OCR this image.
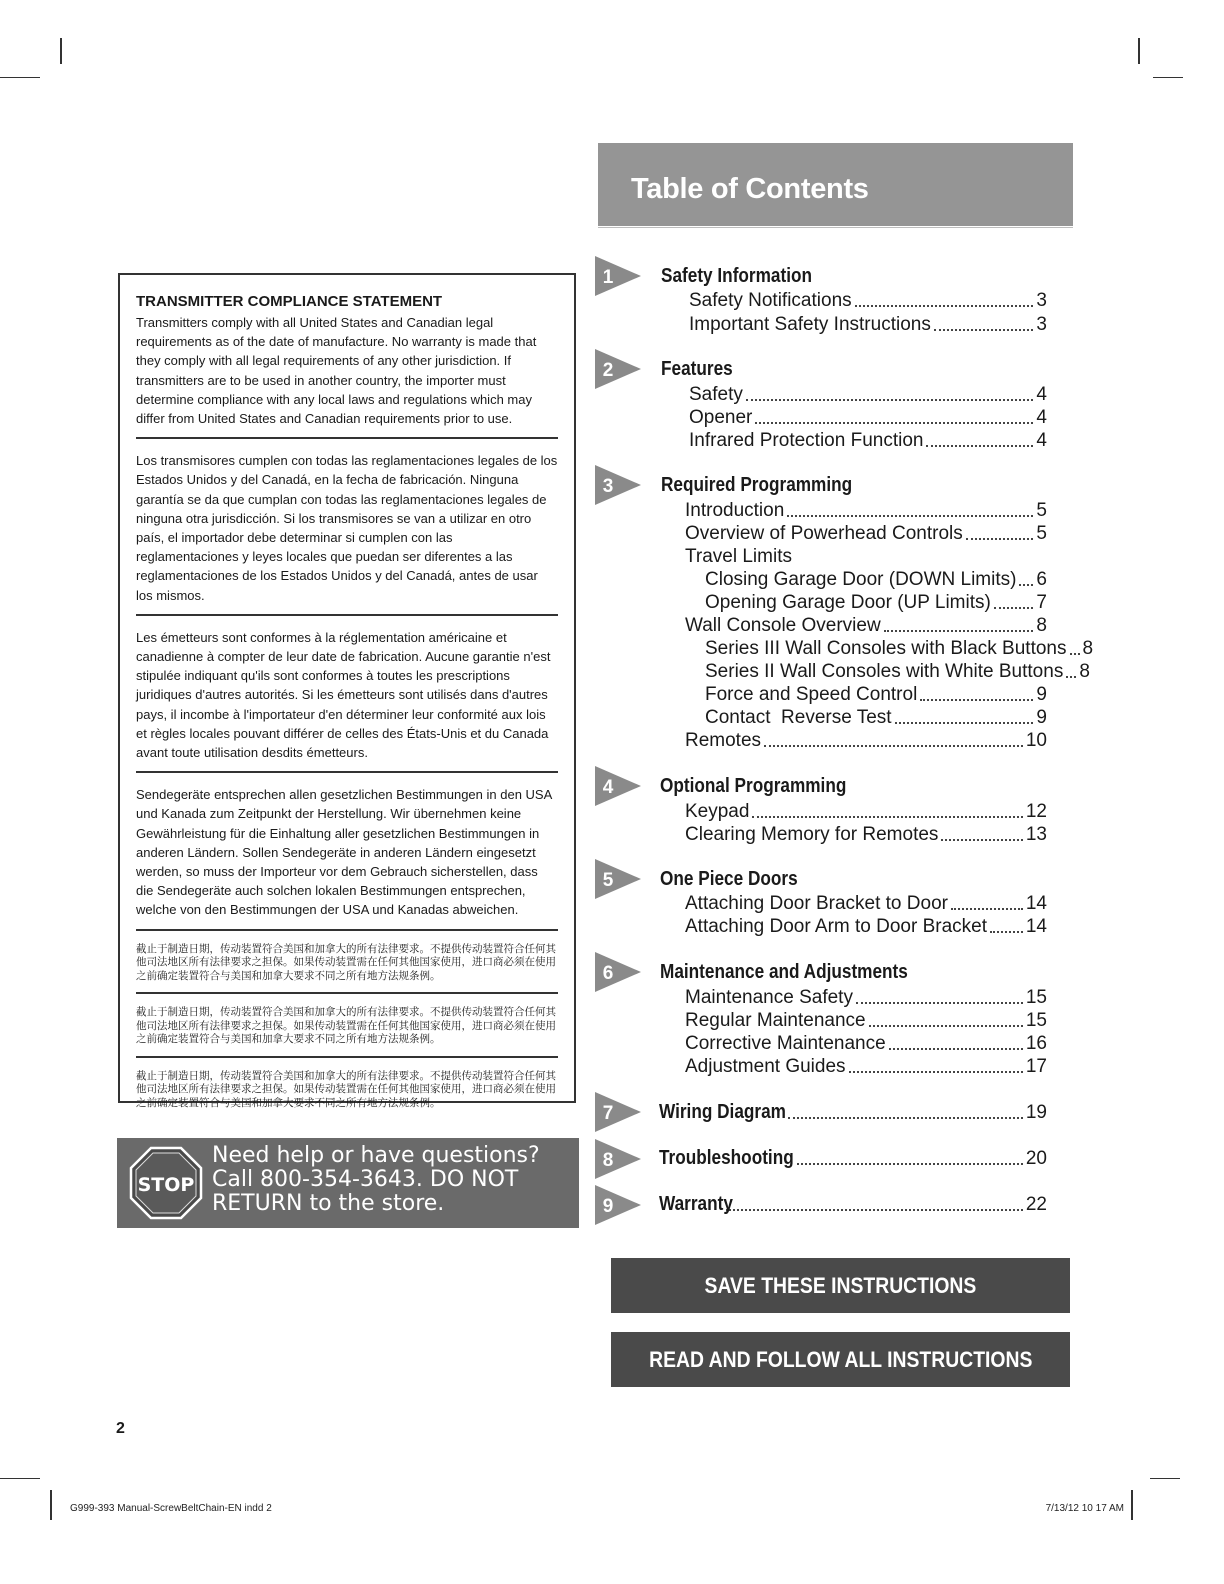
TRANSMITTER COMPLIANCE STATEMENT

Transmitters comply with all United States and Canadian legal requirements as of the date of manufacture. No warranty is made that they comply with all legal requirements of any other jurisdiction. If transmitters are to be used in another country, the importer must determine compliance with any local laws and regulations which may differ from United States and Canadian requirements prior to use.

Los transmisores cumplen con todas las reglamentaciones legales de los Estados Unidos y del Canadá, en la fecha de fabricación. Ninguna garantía se da que cumplan con todas las reglamentaciones legales de ninguna otra jurisdicción. Si los transmisores se van a utilizar en otro país, el importador debe determinar si cumplen con las reglamentaciones y leyes locales que puedan ser diferentes a las reglamentaciones de los Estados Unidos y del Canadá, antes de usar los mismos.

Les émetteurs sont conformes à la réglementation américaine et canadienne à compter de leur date de fabrication. Aucune garantie n'est stipulée indiquant qu'ils sont conformes à toutes les prescriptions juridiques d'autres autorités. Si les émetteurs sont utilisés dans d'autres pays, il incombe à l'importateur d'en déterminer leur conformité aux lois et règles locales pouvant différer de celles des États-Unis et du Canada avant toute utilisation desdits émetteurs.

Sendegeräte entsprechen allen gesetzlichen Bestimmungen in den USA und Kanada zum Zeitpunkt der Herstellung. Wir übernehmen keine Gewährleistung für die Einhaltung aller gesetzlichen Bestimmungen in anderen Ländern. Sollen Sendegeräte in anderen Ländern eingesetzt werden, so muss der Importeur vor dem Gebrauch sicherstellen, dass die Sendegeräte auch solchen lokalen Bestimmungen entsprechen, welche von den Bestimmungen der USA und Kanadas abweichen.

截止于制造日期，传动装置符合美国和加拿大的所有法律要求。不提供传动装置符合任何其他司法地区所有法律要求之担保。如果传动装置需在任何其他国家使用，进口商必须在使用之前确定装置符合与美国和加拿大要求不同之所有地方法规条例。

截止于制造日期，传动装置符合美国和加拿大的所有法律要求。不提供传动装置符合任何其他司法地区所有法律要求之担保。如果传动装置需在任何其他国家使用，进口商必须在使用之前确定装置符合与美国和加拿大要求不同之所有地方法规条例。

截止于制造日期，传动装置符合美国和加拿大的所有法律要求。不提供传动装置符合任何其他司法地区所有法律要求之担保。如果传动装置需在任何其他国家使用，进口商必须在使用之前确定装置符合与美国和加拿大要求不同之所有地方法规条例。

STOP
Need help or have questions? Call 800-354-3643. DO NOT RETURN to the store.
2
G999-393 Manual-ScrewBeltChain-EN indd 2	7/13/12 10 17 AM
Table of Contents
1 Safety Information
Safety Notifications	3
Important Safety Instructions	3
2 Features
Safety	4
Opener	4
Infrared Protection Function	4
3 Required Programming
Introduction	5
Overview of Powerhead Controls	5
Travel Limits
Closing Garage Door (DOWN Limits) 6
Opening Garage Door (UP Limits) 7
Wall Console Overview	8
Series III Wall Consoles with Black Buttons 8
Series II Wall Consoles with White Buttons 8
Force and Speed Control	9
Contact  Reverse Test	9
Remotes	10
4 Optional Programming
Keypad	12
Clearing Memory for Remotes	13
5 One Piece Doors
Attaching Door Bracket to Door	14
Attaching Door Arm to Door Bracket 14
6 Maintenance and Adjustments
Maintenance Safety	15
Regular Maintenance	15
Corrective Maintenance	16
Adjustment Guides	17
7 Wiring Diagram	19
8 Troubleshooting	20
9 Warranty	22
SAVE THESE INSTRUCTIONS
READ AND FOLLOW ALL INSTRUCTIONS
